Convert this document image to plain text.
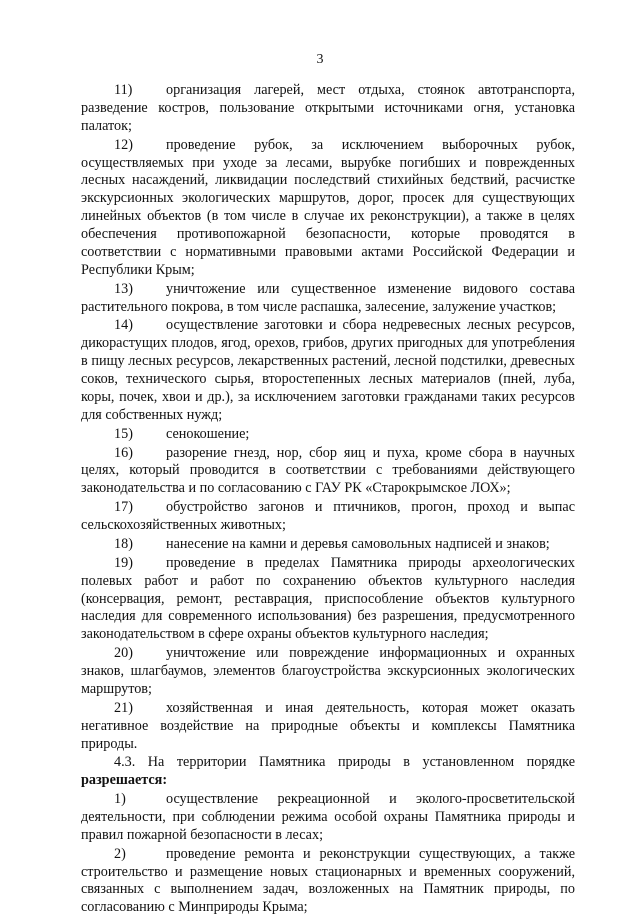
3

11) организация лагерей, мест отдыха, стоянок автотранспорта, разведение костров, пользование открытыми источниками огня, установка палаток;

12) проведение рубок, за исключением выборочных рубок, осуществляемых при уходе за лесами, вырубке погибших и поврежденных лесных насаждений, ликвидации последствий стихийных бедствий, расчистке экскурсионных экологических маршрутов, дорог, просек для существующих линейных объектов (в том числе в случае их реконструкции), а также в целях обеспечения противопожарной безопасности, которые проводятся в соответствии с нормативными правовыми актами Российской Федерации и Республики Крым;

13) уничтожение или существенное изменение видового состава растительного покрова, в том числе распашка, залесение, залужение участков;

14) осуществление заготовки и сбора недревесных лесных ресурсов, дикорастущих плодов, ягод, орехов, грибов, других пригодных для употребления в пищу лесных ресурсов, лекарственных растений, лесной подстилки, древесных соков, технического сырья, второстепенных лесных материалов (пней, луба, коры, почек, хвои и др.), за исключением заготовки гражданами таких ресурсов для собственных нужд;

15) сенокошение;

16) разорение гнезд, нор, сбор яиц и пуха, кроме сбора в научных целях, который проводится в соответствии с требованиями действующего законодательства и по согласованию с ГАУ РК «Старокрымское ЛОХ»;

17) обустройство загонов и птичников, прогон, проход и выпас сельскохозяйственных животных;

18) нанесение на камни и деревья самовольных надписей и знаков;

19) проведение в пределах Памятника природы археологических полевых работ и работ по сохранению объектов культурного наследия (консервация, ремонт, реставрация, приспособление объектов культурного наследия для современного использования) без разрешения, предусмотренного законодательством в сфере охраны объектов культурного наследия;

20) уничтожение или повреждение информационных и охранных знаков, шлагбаумов, элементов благоустройства экскурсионных экологических маршрутов;

21) хозяйственная и иная деятельность, которая может оказать негативное воздействие на природные объекты и комплексы Памятника природы.

4.3. На территории Памятника природы в установленном порядке разрешается:

1)	осуществление рекреационной и эколого-просветительской деятельности, при соблюдении режима особой охраны Памятника природы и правил пожарной безопасности в лесах;

2)	проведение ремонта и реконструкции существующих, а также строительство и размещение новых стационарных и временных сооружений, связанных с выполнением задач, возложенных на Памятник природы, по согласованию с Минприроды Крыма;
